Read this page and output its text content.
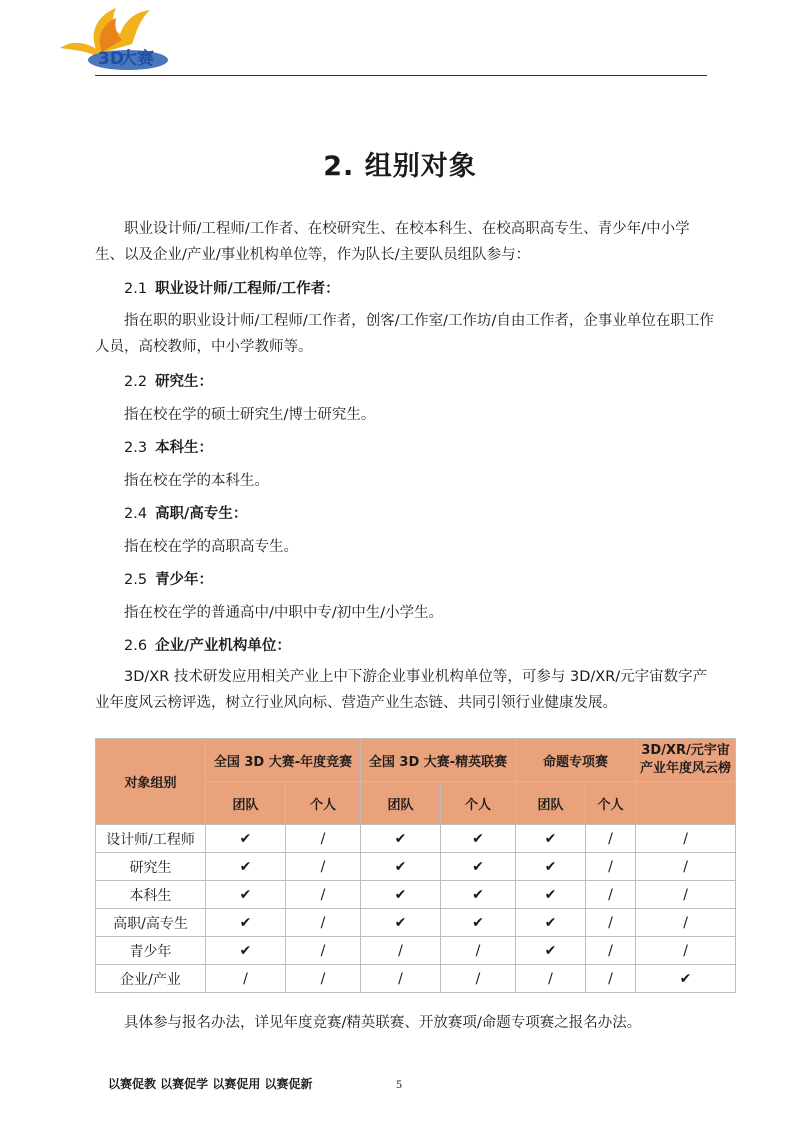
3D
大赛
2. 组别对象
职业设计师/工程师/工作者、在校研究生、在校本科生、在校高职高专生、青少年/中小学生、以及企业/产业/事业机构单位等，作为队长/主要队员组队参与：
2.1 职业设计师/工程师/工作者：
指在职的职业设计师/工程师/工作者，创客/工作室/工作坊/自由工作者，企事业单位在职工作人员，高校教师，中小学教师等。
2.2 研究生：
指在校在学的硕士研究生/博士研究生。
2.3 本科生：
指在校在学的本科生。
2.4 高职/高专生：
指在校在学的高职高专生。
2.5 青少年：
指在校在学的普通高中/中职中专/初中生/小学生。
2.6 企业/产业机构单位：
3D/XR 技术研发应用相关产业上中下游企业事业机构单位等，可参与 3D/XR/元宇宙数字产业年度风云榜评选，树立行业风向标、营造产业生态链、共同引领行业健康发展。
对象组别	全国 3D 大赛-年度竞赛		全国 3D 大赛-精英联赛		命题专项赛		3D/XR/元宇宙产业年度风云榜
	团队	个人	团队	个人	团队	个人	
设计师/工程师	✔	/	✔	✔	✔	/	/
研究生	✔	/	✔	✔	✔	/	/
本科生	✔	/	✔	✔	✔	/	/
高职/高专生	✔	/	✔	✔	✔	/	/
青少年	✔	/	/	/	✔	/	/
企业/产业	/	/	/	/	/	/	✔
具体参与报名办法，详见年度竞赛/精英联赛、开放赛项/命题专项赛之报名办法。
以赛促教 以赛促学 以赛促用 以赛促新	5
